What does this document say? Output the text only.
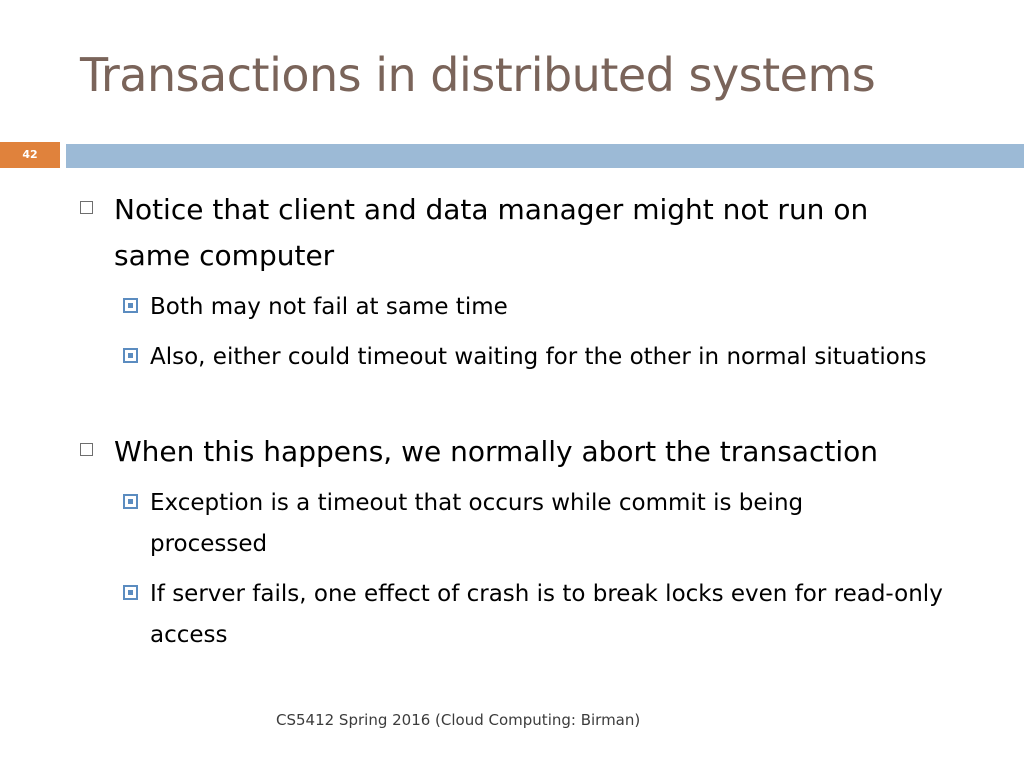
Transactions in distributed systems
42
Notice that client and data manager might not run on same computer
Both may not fail at same time
Also, either could timeout waiting for the other in normal situations
When this happens, we normally abort the transaction
Exception is a timeout that occurs while commit is being processed
If server fails, one effect of crash is to break locks even for read-only access
CS5412 Spring 2016 (Cloud Computing: Birman)
